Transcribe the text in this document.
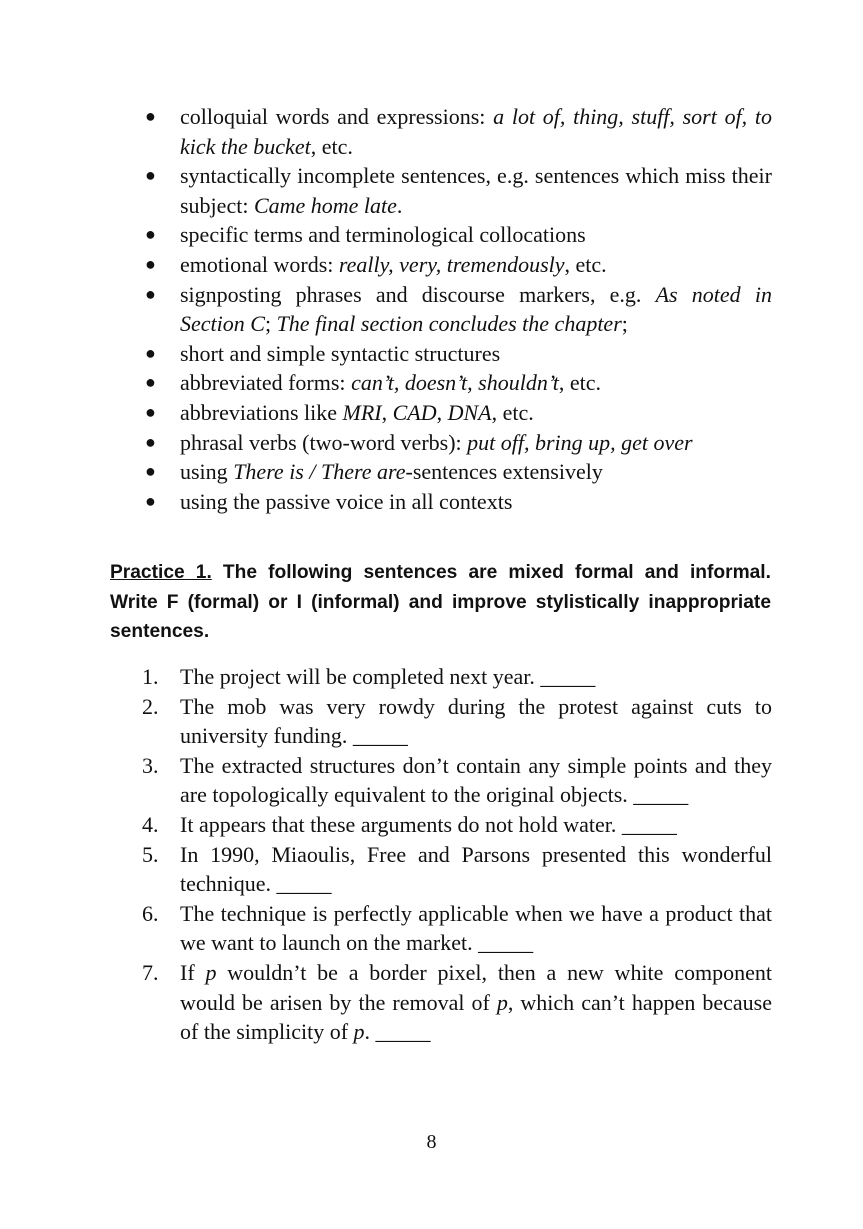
● colloquial words and expressions: a lot of, thing, stuff, sort of, to kick the bucket, etc.
● syntactically incomplete sentences, e.g. sentences which miss their subject: Came home late.
● specific terms and terminological collocations
● emotional words: really, very, tremendously, etc.
● signposting phrases and discourse markers, e.g. As noted in Section C; The final section concludes the chapter;
● short and simple syntactic structures
● abbreviated forms: can’t, doesn’t, shouldn’t, etc.
● abbreviations like MRI, CAD, DNA, etc.
● phrasal verbs (two-word verbs): put off, bring up, get over
● using There is / There are-sentences extensively
● using the passive voice in all contexts

Practice 1. The following sentences are mixed formal and informal. Write F (formal) or I (informal) and improve stylistically inappropriate sentences.

1. The project will be completed next year. _____
2. The mob was very rowdy during the protest against cuts to university funding. _____
3. The extracted structures don’t contain any simple points and they are topologically equivalent to the original objects. _____
4. It appears that these arguments do not hold water. _____
5. In 1990, Miaoulis, Free and Parsons presented this wonderful technique. _____
6. The technique is perfectly applicable when we have a product that we want to launch on the market. _____
7. If p wouldn’t be a border pixel, then a new white component would be arisen by the removal of p, which can’t happen because of the simplicity of p. _____
8
